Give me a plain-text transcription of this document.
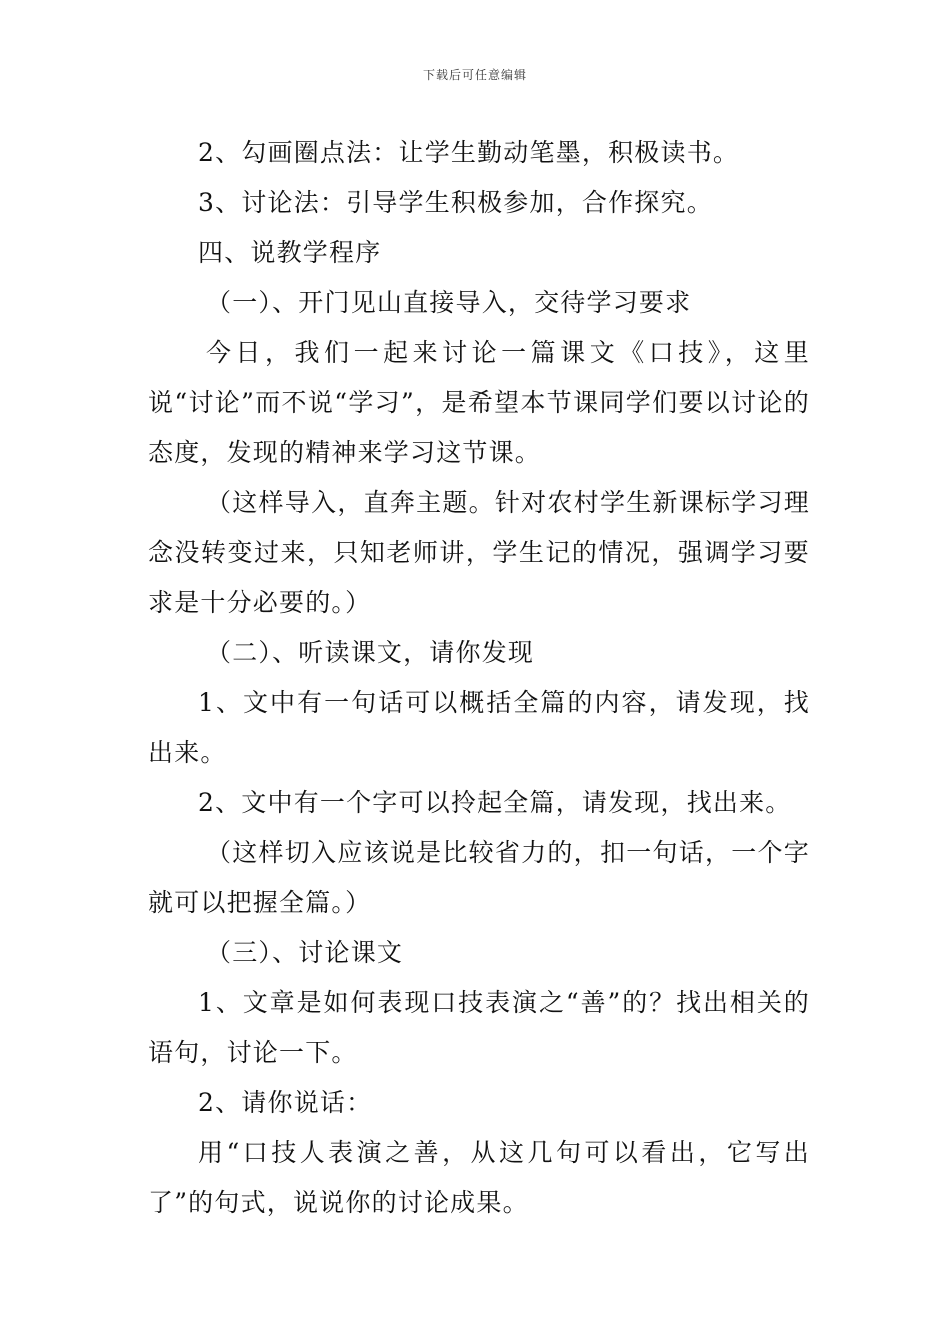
下载后可任意编辑

2、勾画圈点法：让学生勤动笔墨，积极读书。

3、讨论法：引导学生积极参加，合作探究。

四、说教学程序

（一）、开门见山直接导入，交待学习要求

今日，我们一起来讨论一篇课文《口技》，这里说“讨论”而不说“学习”，是希望本节课同学们要以讨论的态度，发现的精神来学习这节课。

（这样导入，直奔主题。针对农村学生新课标学习理念没转变过来，只知老师讲，学生记的情况，强调学习要求是十分必要的。）

（二）、听读课文，请你发现

1、文中有一句话可以概括全篇的内容，请发现，找出来。

2、文中有一个字可以拎起全篇，请发现，找出来。

（这样切入应该说是比较省力的，扣一句话，一个字就可以把握全篇。）

（三）、讨论课文

1、文章是如何表现口技表演之“善”的？找出相关的语句，讨论一下。

2、请你说话：

用“口技人表演之善，从这几句可以看出，它写出了”的句式，说说你的讨论成果。
